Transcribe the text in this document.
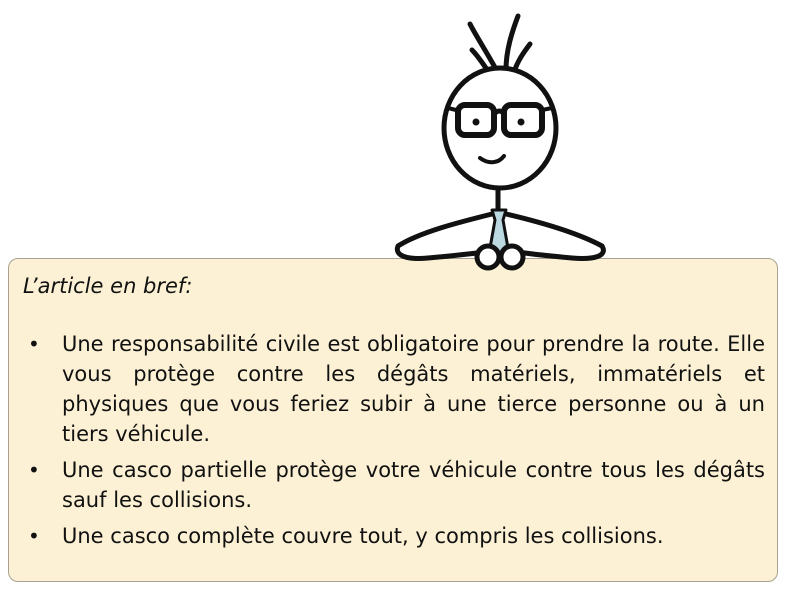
L’article en bref:
• Une responsabilité civile est obligatoire pour prendre la route. Elle vous protège contre les dégâts matériels, immatériels et physiques que vous feriez subir à une tierce personne ou à un tiers véhicule.
• Une casco partielle protège votre véhicule contre tous les dégâts sauf les collisions.
• Une casco complète couvre tout, y compris les collisions.
